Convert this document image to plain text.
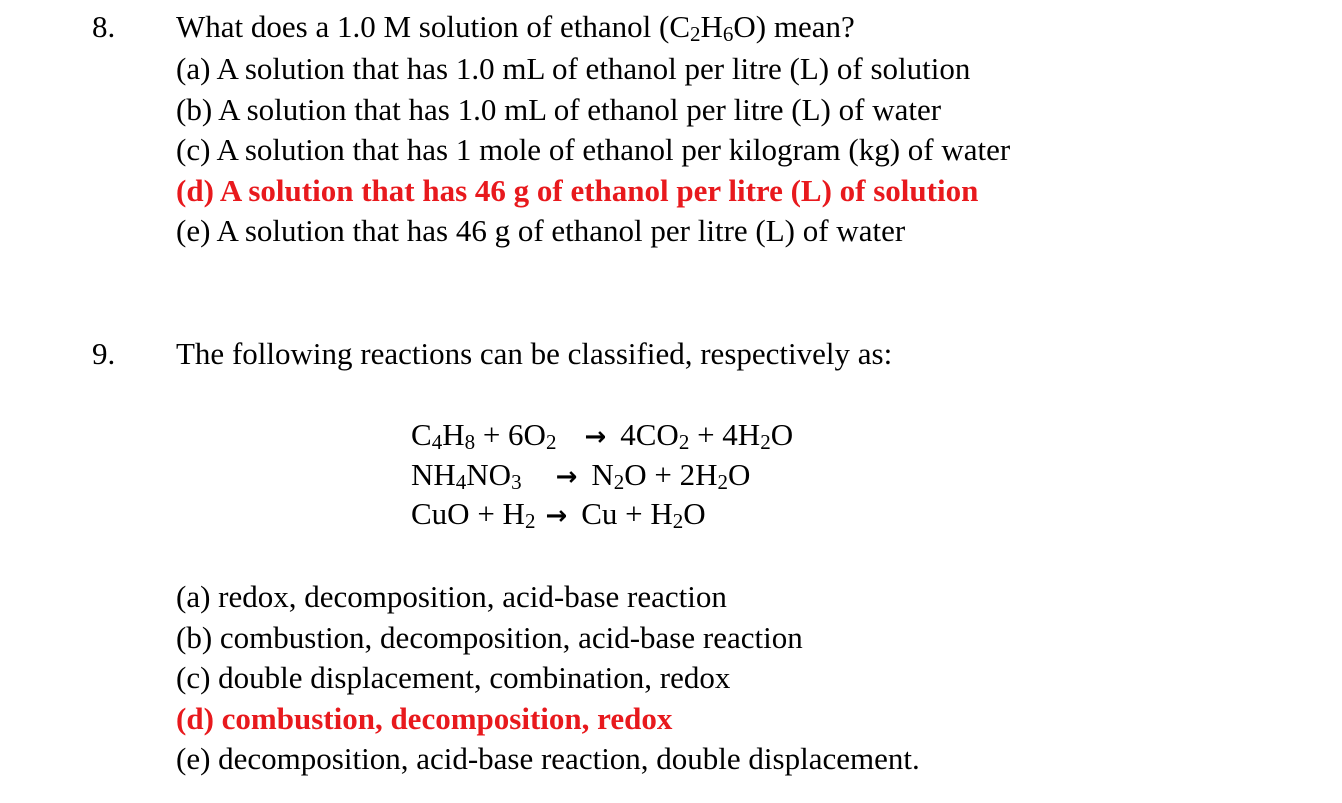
8. What does a 1.0 M solution of ethanol (C2H6O) mean?
(a) A solution that has 1.0 mL of ethanol per litre (L) of solution
(b) A solution that has 1.0 mL of ethanol per litre (L) of water
(c) A solution that has 1 mole of ethanol per kilogram (kg) of water
(d) A solution that has 46 g of ethanol per litre (L) of solution
(e) A solution that has 46 g of ethanol per litre (L) of water
9. The following reactions can be classified, respectively as:
C4H8 + 6O2 → 4CO2 + 4H2O
NH4NO3 → N2O + 2H2O
CuO + H2 → Cu + H2O
(a) redox, decomposition, acid-base reaction
(b) combustion, decomposition, acid-base reaction
(c) double displacement, combination, redox
(d) combustion, decomposition, redox
(e) decomposition, acid-base reaction, double displacement.
